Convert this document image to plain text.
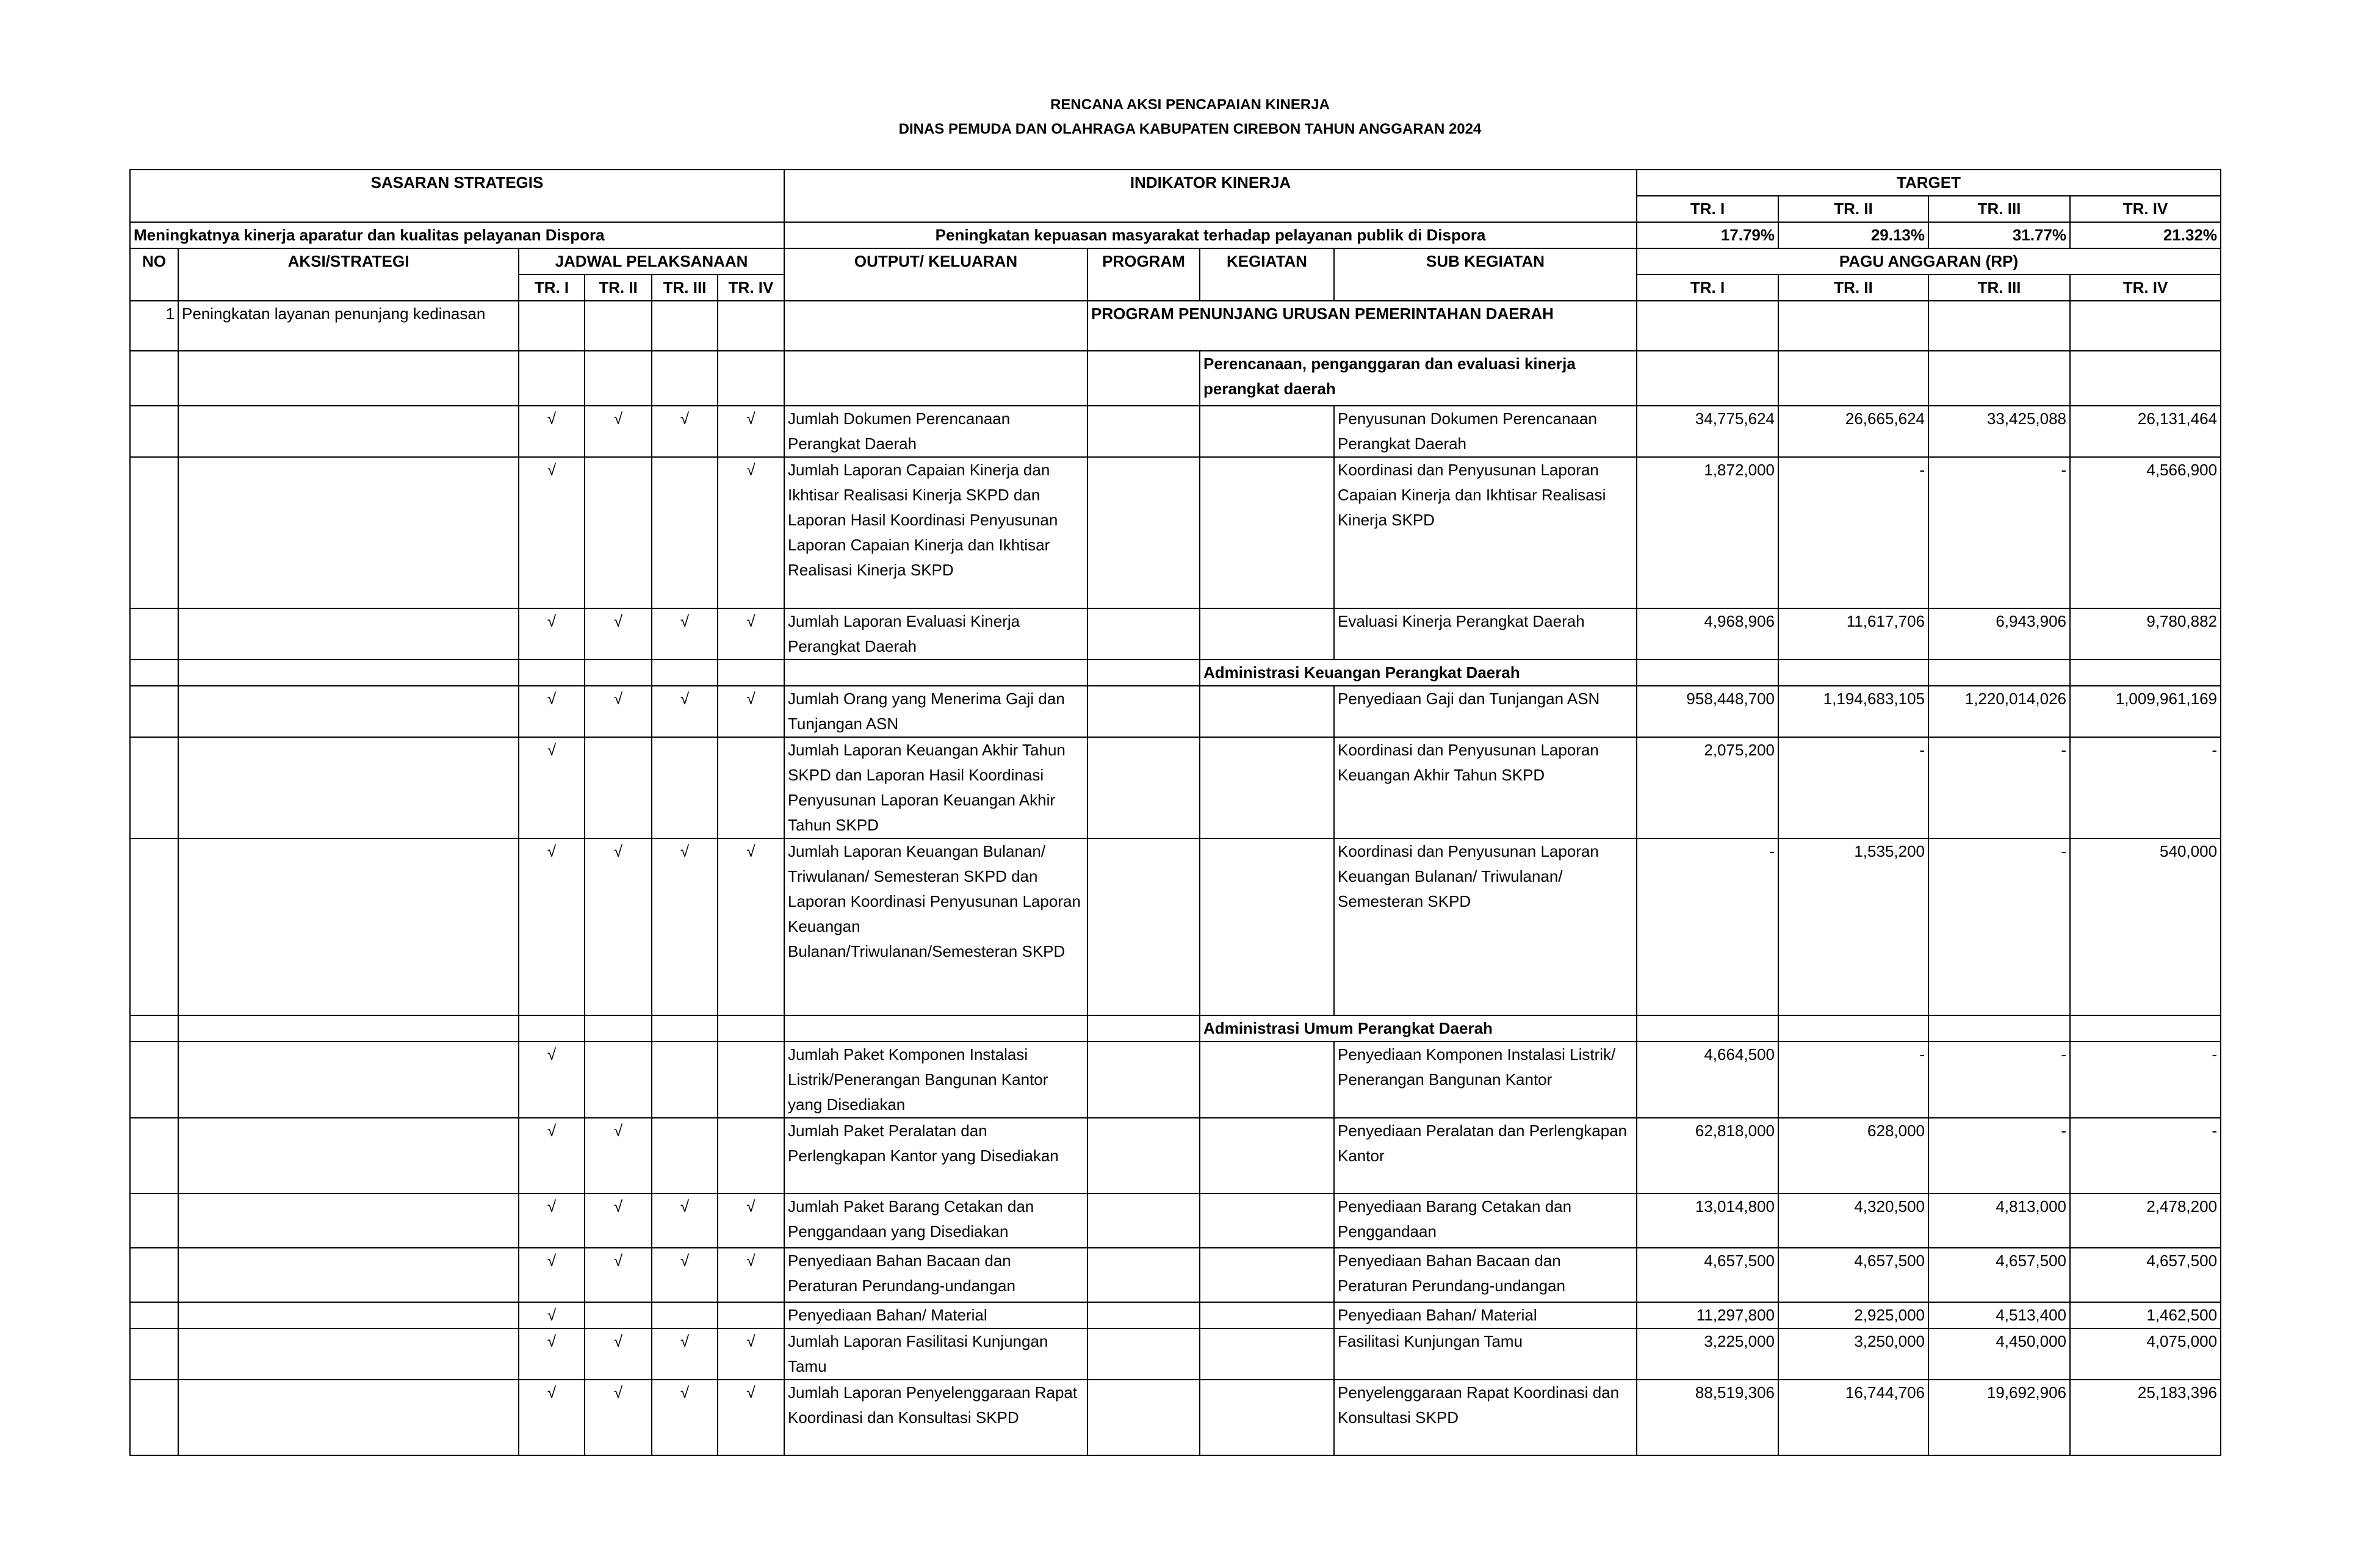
RENCANA AKSI PENCAPAIAN KINERJA
DINAS PEMUDA DAN OLAHRAGA KABUPATEN CIREBON TAHUN ANGGARAN 2024
SASARAN STRATEGIS						INDIKATOR KINERJA				TARGET			
										TR. I	TR. II	TR. III	TR. IV
Meningkatnya kinerja aparatur dan kualitas pelayanan Dispora						Peningkatan kepuasan masyarakat terhadap pelayanan publik di Dispora				17.79%	29.13%	31.77%	21.32%
NO	AKSI/STRATEGI	JADWAL PELAKSANAAN				OUTPUT/ KELUARAN	PROGRAM	KEGIATAN	SUB KEGIATAN	PAGU ANGGARAN (RP)			
		TR. I	TR. II	TR. III	TR. IV					TR. I	TR. II	TR. III	TR. IV
1	Peningkatan layanan penunjang kedinasan						PROGRAM PENUNJANG URUSAN PEMERINTAHAN DAERAH						
								Perencanaan, penganggaran dan evaluasi kinerja perangkat daerah					
		√	√	√	√	Jumlah Dokumen Perencanaan Perangkat Daerah			Penyusunan Dokumen Perencanaan Perangkat Daerah	34,775,624	26,665,624	33,425,088	26,131,464
		√			√	Jumlah Laporan Capaian Kinerja dan Ikhtisar Realisasi Kinerja SKPD dan Laporan Hasil Koordinasi Penyusunan Laporan Capaian Kinerja dan Ikhtisar Realisasi Kinerja SKPD			Koordinasi dan Penyusunan Laporan Capaian Kinerja dan Ikhtisar Realisasi Kinerja SKPD	1,872,000	-	-	4,566,900
		√	√	√	√	Jumlah Laporan Evaluasi Kinerja Perangkat Daerah			Evaluasi Kinerja Perangkat Daerah	4,968,906	11,617,706	6,943,906	9,780,882
								Administrasi Keuangan Perangkat Daerah					
		√	√	√	√	Jumlah Orang yang Menerima Gaji dan Tunjangan ASN			Penyediaan Gaji dan Tunjangan ASN	958,448,700	1,194,683,105	1,220,014,026	1,009,961,169
		√				Jumlah Laporan Keuangan Akhir Tahun SKPD dan Laporan Hasil Koordinasi Penyusunan Laporan Keuangan Akhir Tahun SKPD			Koordinasi dan Penyusunan Laporan Keuangan Akhir Tahun SKPD	2,075,200	-	-	-
		√	√	√	√	Jumlah Laporan Keuangan Bulanan/ Triwulanan/ Semesteran SKPD dan Laporan Koordinasi Penyusunan Laporan Keuangan Bulanan/Triwulanan/Semesteran SKPD			Koordinasi dan Penyusunan Laporan Keuangan Bulanan/ Triwulanan/ Semesteran SKPD	-	1,535,200	-	540,000
								Administrasi Umum Perangkat Daerah					
		√				Jumlah Paket Komponen Instalasi Listrik/Penerangan Bangunan Kantor yang Disediakan			Penyediaan Komponen Instalasi Listrik/ Penerangan Bangunan Kantor	4,664,500	-	-	-
		√	√			Jumlah Paket Peralatan dan Perlengkapan Kantor yang Disediakan			Penyediaan Peralatan dan Perlengkapan Kantor	62,818,000	628,000	-	-
		√	√	√	√	Jumlah Paket Barang Cetakan dan Penggandaan yang Disediakan			Penyediaan Barang Cetakan dan Penggandaan	13,014,800	4,320,500	4,813,000	2,478,200
		√	√	√	√	Penyediaan Bahan Bacaan dan Peraturan Perundang-undangan			Penyediaan Bahan Bacaan dan Peraturan Perundang-undangan	4,657,500	4,657,500	4,657,500	4,657,500
		√				Penyediaan Bahan/ Material			Penyediaan Bahan/ Material	11,297,800	2,925,000	4,513,400	1,462,500
		√	√	√	√	Jumlah Laporan Fasilitasi Kunjungan Tamu			Fasilitasi Kunjungan Tamu	3,225,000	3,250,000	4,450,000	4,075,000
		√	√	√	√	Jumlah Laporan Penyelenggaraan Rapat Koordinasi dan Konsultasi SKPD			Penyelenggaraan Rapat Koordinasi dan Konsultasi SKPD	88,519,306	16,744,706	19,692,906	25,183,396
